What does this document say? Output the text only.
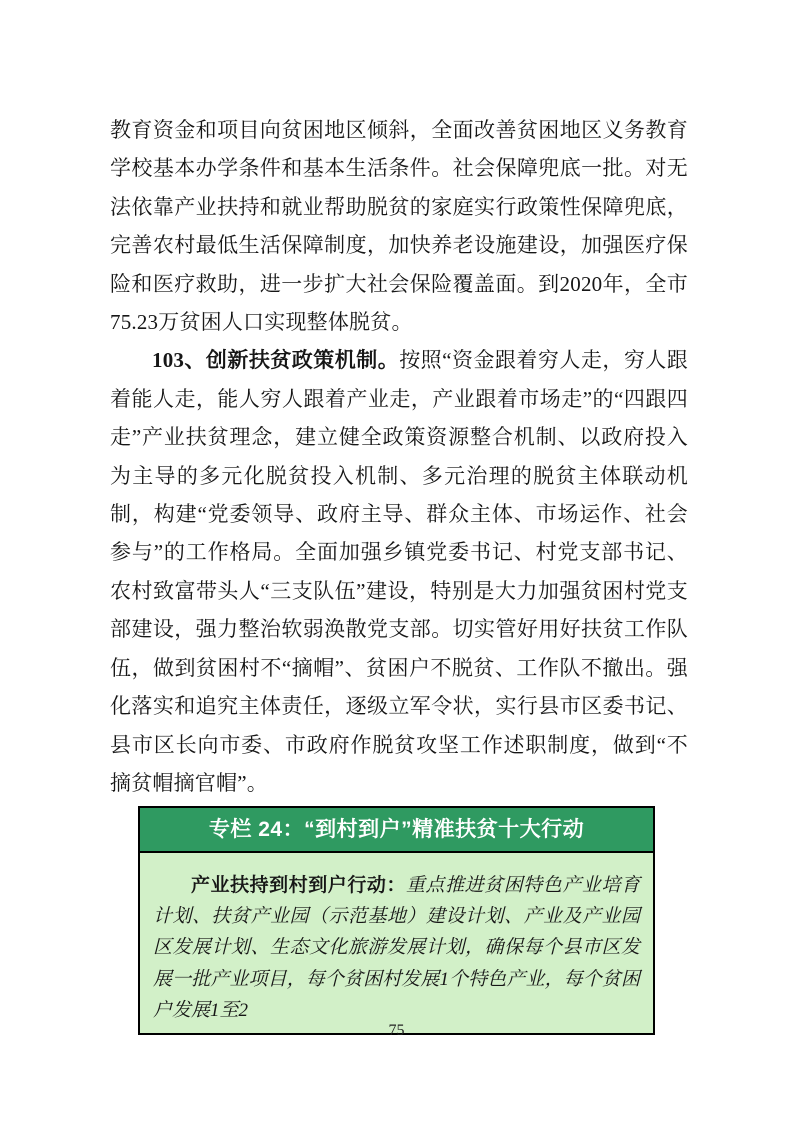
教育资金和项目向贫困地区倾斜，全面改善贫困地区义务教育学校基本办学条件和基本生活条件。社会保障兜底一批。对无法依靠产业扶持和就业帮助脱贫的家庭实行政策性保障兜底，完善农村最低生活保障制度，加快养老设施建设，加强医疗保险和医疗救助，进一步扩大社会保险覆盖面。到2020年，全市75.23万贫困人口实现整体脱贫。

103、创新扶贫政策机制。按照“资金跟着穷人走，穷人跟着能人走，能人穷人跟着产业走，产业跟着市场走”的“四跟四走”产业扶贫理念，建立健全政策资源整合机制、以政府投入为主导的多元化脱贫投入机制、多元治理的脱贫主体联动机制，构建“党委领导、政府主导、群众主体、市场运作、社会参与”的工作格局。全面加强乡镇党委书记、村党支部书记、农村致富带头人“三支队伍”建设，特别是大力加强贫困村党支部建设，强力整治软弱涣散党支部。切实管好用好扶贫工作队伍，做到贫困村不“摘帽”、贫困户不脱贫、工作队不撤出。强化落实和追究主体责任，逐级立军令状，实行县市区委书记、县市区长向市委、市政府作脱贫攻坚工作述职制度，做到“不摘贫帽摘官帽”。

专栏 24：“到村到户”精准扶贫十大行动
产业扶持到村到户行动：重点推进贫困特色产业培育计划、扶贫产业园（示范基地）建设计划、产业及产业园区发展计划、生态文化旅游发展计划，确保每个县市区发展一批产业项目，每个贫困村发展1个特色产业，每个贫困户发展1至2
75
